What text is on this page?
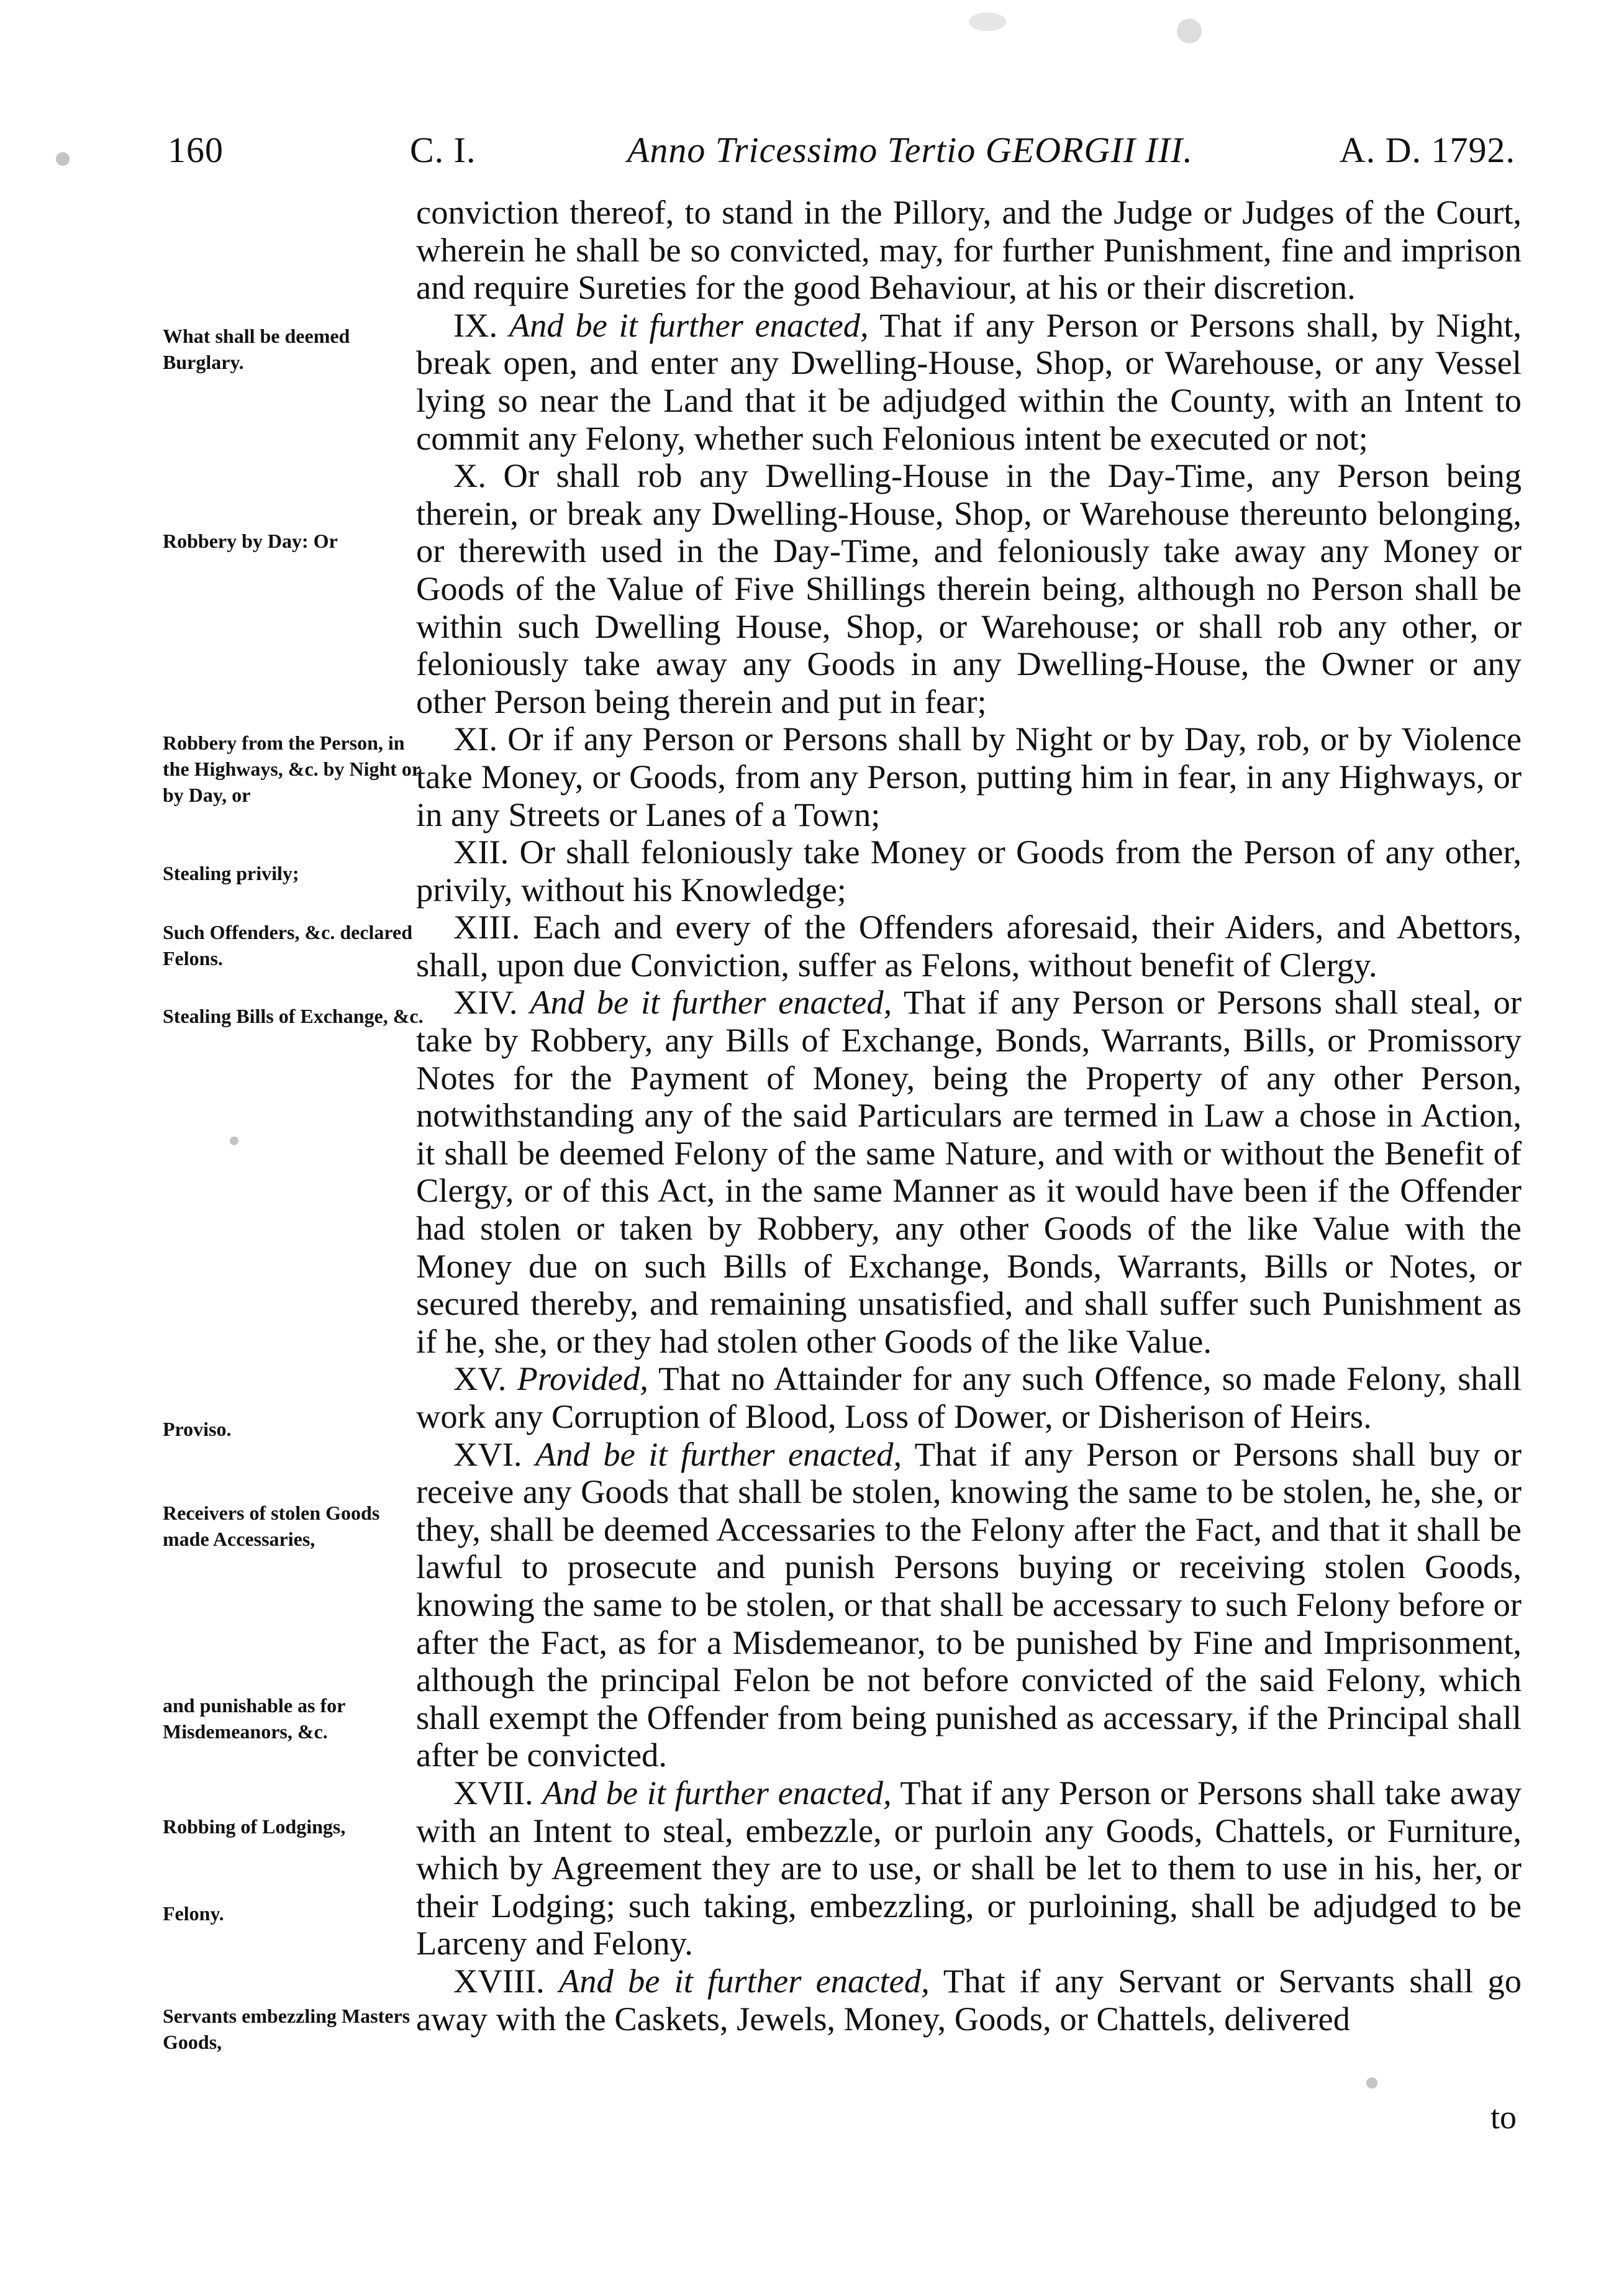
160	C. I.	Anno Tricessimo Tertio GEORGII III.	A. D. 1792.
What shall be deemed Burglary.
Robbery by Day: Or
Robbery from the Person, in the Highways, &c. by Night or by Day, or
Stealing privily;
Such Offenders, &c. declared Felons.
Stealing Bills of Exchange, &c.
Proviso.
Receivers of stolen Goods made Accessaries,
and punishable as for Misdemeanors, &c.
Robbing of Lodgings,
Felony.
Servants embezzling Masters Goods,

conviction thereof, to stand in the Pillory, and the Judge or Judges of the Court, wherein he shall be so convicted, may, for further Punishment, fine and imprison and require Sureties for the good Behaviour, at his or their discretion.

IX. And be it further enacted, That if any Person or Persons shall, by Night, break open, and enter any Dwelling-House, Shop, or Warehouse, or any Vessel lying so near the Land that it be adjudged within the County, with an Intent to commit any Felony, whether such Felonious intent be executed or not;

X. Or shall rob any Dwelling-House in the Day-Time, any Person being therein, or break any Dwelling-House, Shop, or Warehouse thereunto belonging, or therewith used in the Day-Time, and feloniously take away any Money or Goods of the Value of Five Shillings therein being, although no Person shall be within such Dwelling House, Shop, or Warehouse; or shall rob any other, or feloniously take away any Goods in any Dwelling-House, the Owner or any other Person being therein and put in fear;

XI. Or if any Person or Persons shall by Night or by Day, rob, or by Violence take Money, or Goods, from any Person, putting him in fear, in any Highways, or in any Streets or Lanes of a Town;

XII. Or shall feloniously take Money or Goods from the Person of any other, privily, without his Knowledge;

XIII. Each and every of the Offenders aforesaid, their Aiders, and Abettors, shall, upon due Conviction, suffer as Felons, without benefit of Clergy.

XIV. And be it further enacted, That if any Person or Persons shall steal, or take by Robbery, any Bills of Exchange, Bonds, Warrants, Bills, or Promissory Notes for the Payment of Money, being the Property of any other Person, notwithstanding any of the said Particulars are termed in Law a chose in Action, it shall be deemed Felony of the same Nature, and with or without the Benefit of Clergy, or of this Act, in the same Manner as it would have been if the Offender had stolen or taken by Robbery, any other Goods of the like Value with the Money due on such Bills of Exchange, Bonds, Warrants, Bills or Notes, or secured thereby, and remaining unsatisfied, and shall suffer such Punishment as if he, she, or they had stolen other Goods of the like Value.

XV. Provided, That no Attainder for any such Offence, so made Felony, shall work any Corruption of Blood, Loss of Dower, or Disherison of Heirs.

XVI. And be it further enacted, That if any Person or Persons shall buy or receive any Goods that shall be stolen, knowing the same to be stolen, he, she, or they, shall be deemed Accessaries to the Felony after the Fact, and that it shall be lawful to prosecute and punish Persons buying or receiving stolen Goods, knowing the same to be stolen, or that shall be accessary to such Felony before or after the Fact, as for a Misdemeanor, to be punished by Fine and Imprisonment, although the principal Felon be not before convicted of the said Felony, which shall exempt the Offender from being punished as accessary, if the Principal shall after be convicted.

XVII. And be it further enacted, That if any Person or Persons shall take away with an Intent to steal, embezzle, or purloin any Goods, Chattels, or Furniture, which by Agreement they are to use, or shall be let to them to use in his, her, or their Lodging; such taking, embezzling, or purloining, shall be adjudged to be Larceny and Felony.

XVIII. And be it further enacted, That if any Servant or Servants shall go away with the Caskets, Jewels, Money, Goods, or Chattels, delivered

to
